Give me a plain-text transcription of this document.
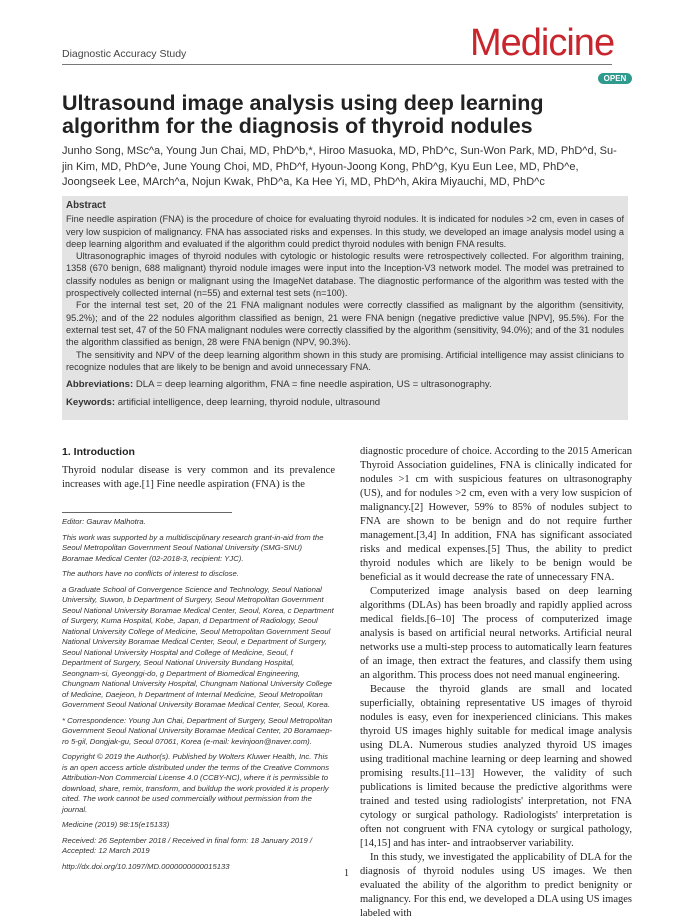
Diagnostic Accuracy Study	Medicine
OPEN
Ultrasound image analysis using deep learning algorithm for the diagnosis of thyroid nodules
Junho Song, MSc^a, Young Jun Chai, MD, PhD^b,*, Hiroo Masuoka, MD, PhD^c, Sun-Won Park, MD, PhD^d, Su-jin Kim, MD, PhD^e, June Young Choi, MD, PhD^f, Hyoun-Joong Kong, PhD^g, Kyu Eun Lee, MD, PhD^e, Joongseek Lee, MArch^a, Nojun Kwak, PhD^a, Ka Hee Yi, MD, PhD^h, Akira Miyauchi, MD, PhD^c
Abstract

Fine needle aspiration (FNA) is the procedure of choice for evaluating thyroid nodules. It is indicated for nodules >2 cm, even in cases of very low suspicion of malignancy. FNA has associated risks and expenses. In this study, we developed an image analysis model using a deep learning algorithm and evaluated if the algorithm could predict thyroid nodules with benign FNA results.

Ultrasonographic images of thyroid nodules with cytologic or histologic results were retrospectively collected. For algorithm training, 1358 (670 benign, 688 malignant) thyroid nodule images were input into the Inception-V3 network model. The model was pretrained to classify nodules as benign or malignant using the ImageNet database. The diagnostic performance of the algorithm was tested with the prospectively collected internal (n=55) and external test sets (n=100).

For the internal test set, 20 of the 21 FNA malignant nodules were correctly classified as malignant by the algorithm (sensitivity, 95.2%); and of the 22 nodules algorithm classified as benign, 21 were FNA benign (negative predictive value [NPV], 95.5%). For the external test set, 47 of the 50 FNA malignant nodules were correctly classified by the algorithm (sensitivity, 94.0%); and of the 31 nodules the algorithm classified as benign, 28 were FNA benign (NPV, 90.3%).

The sensitivity and NPV of the deep learning algorithm shown in this study are promising. Artificial intelligence may assist clinicians to recognize nodules that are likely to be benign and avoid unnecessary FNA.

Abbreviations: DLA = deep learning algorithm, FNA = fine needle aspiration, US = ultrasonography.
Keywords: artificial intelligence, deep learning, thyroid nodule, ultrasound
1. Introduction

Thyroid nodular disease is very common and its prevalence increases with age.[1] Fine needle aspiration (FNA) is the

Editor: Gaurav Malhotra.

This work was supported by a multidisciplinary research grant-in-aid from the Seoul Metropolitan Government Seoul National University (SMG-SNU) Boramae Medical Center (02-2018-3, recipient: YJC).

The authors have no conflicts of interest to disclose.

a Graduate School of Convergence Science and Technology, Seoul National University, Suwon, b Department of Surgery, Seoul Metropolitan Government Seoul National University Boramae Medical Center, Seoul, Korea, c Department of Surgery, Kuma Hospital, Kobe, Japan, d Department of Radiology, Seoul National University College of Medicine, Seoul Metropolitan Government Seoul National University Boramae Medical Center, Seoul, e Department of Surgery, Seoul National University Hospital and College of Medicine, Seoul, f Department of Surgery, Seoul National University Bundang Hospital, Seongnam-si, Gyeonggi-do, g Department of Biomedical Engineering, Chungnam National University Hospital, Chungnam National University College of Medicine, Daejeon, h Department of Internal Medicine, Seoul Metropolitan Government Seoul National University Boramae Medical Center, Seoul, Korea.

* Correspondence: Young Jun Chai, Department of Surgery, Seoul Metropolitan Government Seoul National University Boramae Medical Center, 20 Boramaep-ro 5-gil, Dongjak-gu, Seoul 07061, Korea (e-mail: kevinjoon@naver.com).

Copyright © 2019 the Author(s). Published by Wolters Kluwer Health, Inc. This is an open access article distributed under the terms of the Creative Commons Attribution-Non Commercial License 4.0 (CCBY-NC), where it is permissible to download, share, remix, transform, and buildup the work provided it is properly cited. The work cannot be used commercially without permission from the journal.

Medicine (2019) 98:15(e15133)

Received: 26 September 2018 / Received in final form: 18 January 2019 / Accepted: 12 March 2019

http://dx.doi.org/10.1097/MD.0000000000015133

diagnostic procedure of choice. According to the 2015 American Thyroid Association guidelines, FNA is clinically indicated for nodules >1 cm with suspicious features on ultrasonography (US), and for nodules >2 cm, even with a very low suspicion of malignancy.[2] However, 59% to 85% of nodules subject to FNA are shown to be benign and do not require further management.[3,4] In addition, FNA has significant associated risks and medical expenses.[5] Thus, the ability to predict thyroid nodules which are likely to be benign would be beneficial as it would decrease the rate of unnecessary FNA.

Computerized image analysis based on deep learning algorithms (DLAs) has been broadly and rapidly applied across medical fields.[6–10] The process of computerized image analysis is based on artificial neural networks. Artificial neural networks use a multi-step process to automatically learn features of an image, then extract the features, and classify them using an algorithm. This process does not need manual engineering.

Because the thyroid glands are small and located superficially, obtaining representative US images of thyroid nodules is easy, even for inexperienced clinicians. This makes thyroid US images highly suitable for medical image analysis using DLA. Numerous studies analyzed thyroid US images using traditional machine learning or deep learning and showed promising results.[11–13] However, the validity of such publications is limited because the predictive algorithms were trained and tested using radiologists' interpretation, not FNA cytology or surgical pathology. Radiologists' interpretation is often not congruent with FNA cytology or surgical pathology,[14,15] and has inter- and intraobserver variability.

In this study, we investigated the applicability of DLA for the diagnosis of thyroid nodules using US images. We then evaluated the ability of the algorithm to predict benignity or malignancy. For this end, we developed a DLA using US images labeled with

1
